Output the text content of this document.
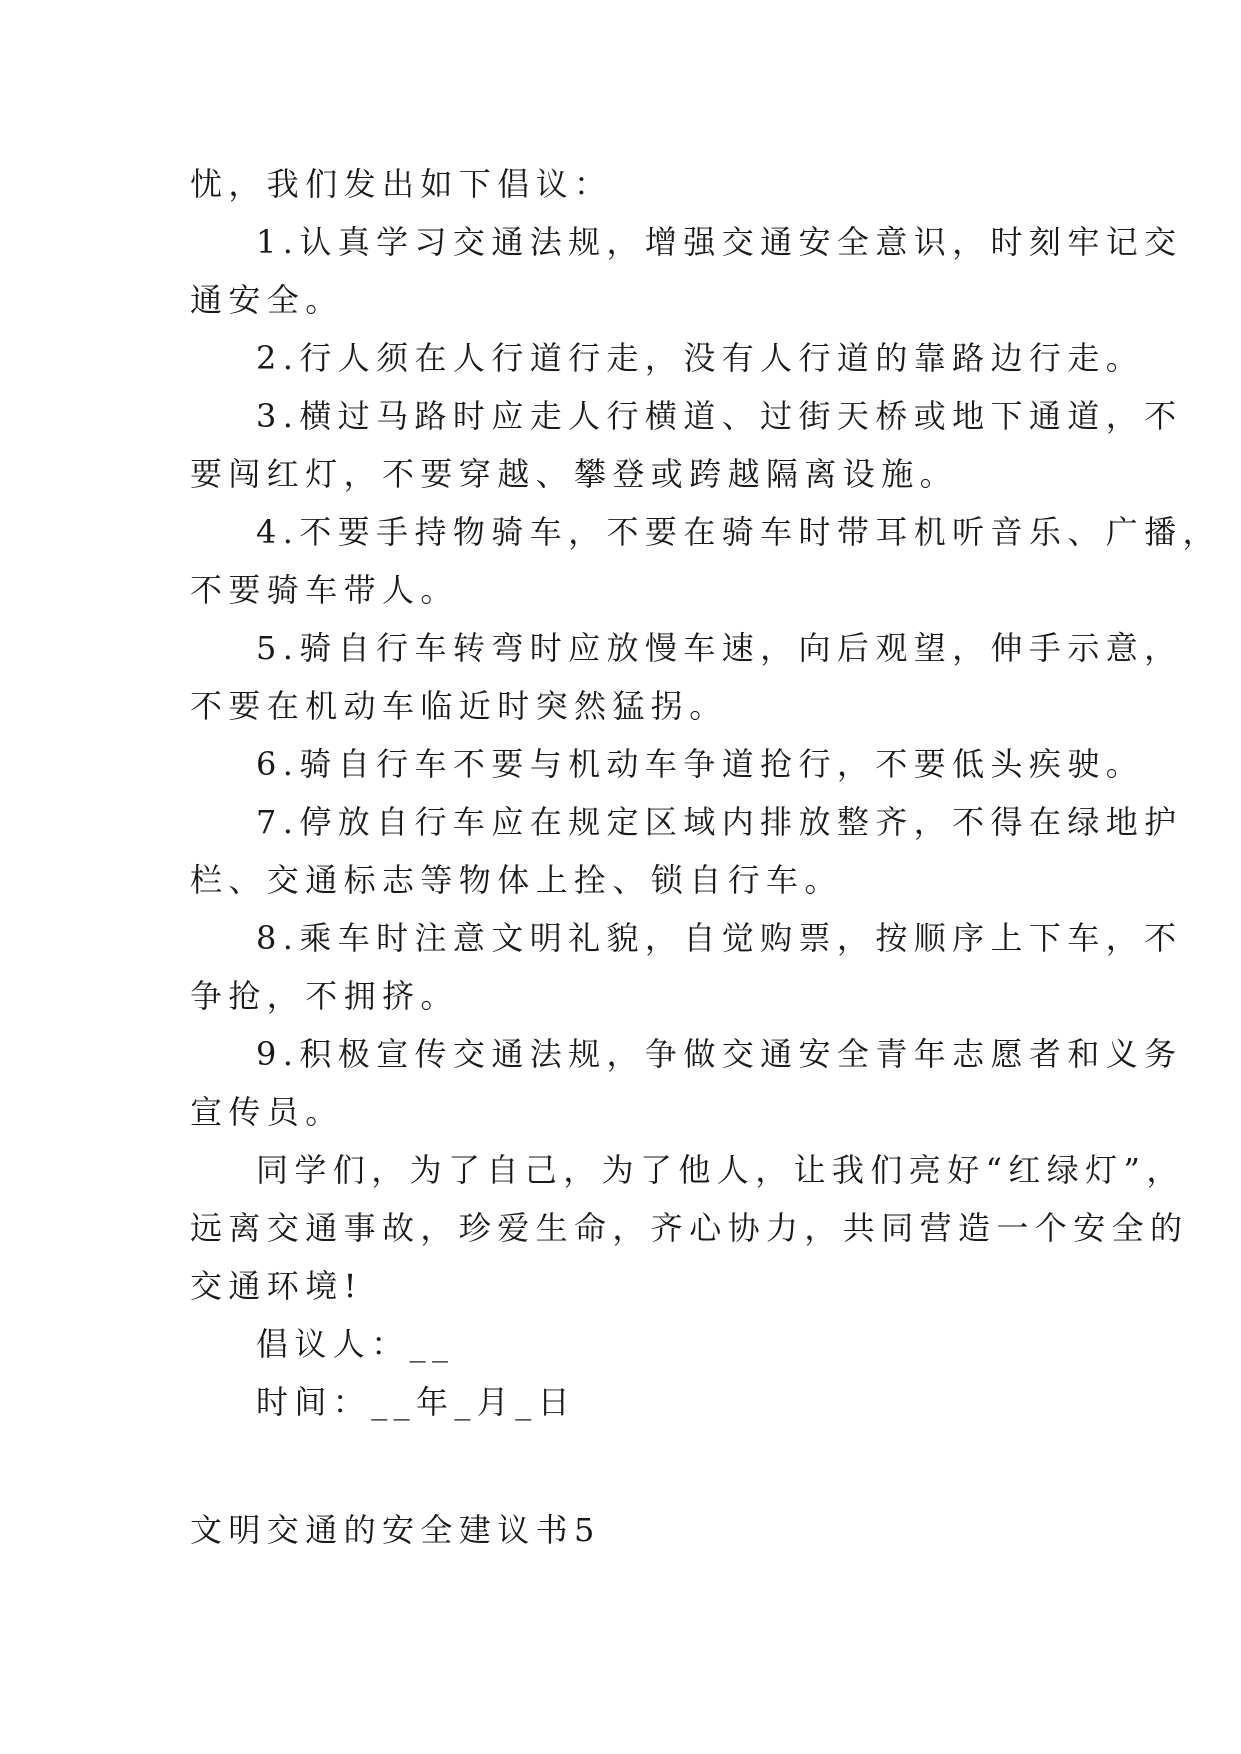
忧，我们发出如下倡议：
1.认真学习交通法规，增强交通安全意识，时刻牢记交
通安全。
2.行人须在人行道行走，没有人行道的靠路边行走。
3.横过马路时应走人行横道、过街天桥或地下通道，不
要闯红灯，不要穿越、攀登或跨越隔离设施。
4.不要手持物骑车，不要在骑车时带耳机听音乐、广播，
不要骑车带人。
5.骑自行车转弯时应放慢车速，向后观望，伸手示意，
不要在机动车临近时突然猛拐。
6.骑自行车不要与机动车争道抢行，不要低头疾驶。
7.停放自行车应在规定区域内排放整齐，不得在绿地护
栏、交通标志等物体上拴、锁自行车。
8.乘车时注意文明礼貌，自觉购票，按顺序上下车，不
争抢，不拥挤。
9.积极宣传交通法规，争做交通安全青年志愿者和义务
宣传员。
同学们，为了自己，为了他人，让我们亮好“红绿灯”，
远离交通事故，珍爱生命，齐心协力，共同营造一个安全的
交通环境!
倡议人：__
时间：__年_月_日
文明交通的安全建议书5
